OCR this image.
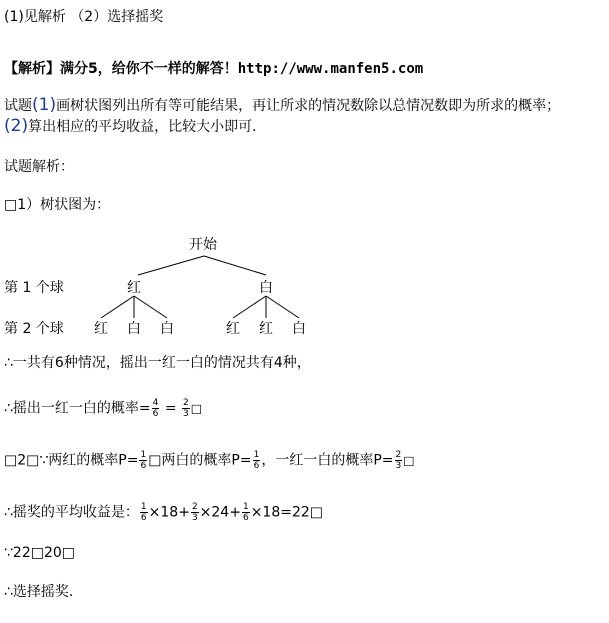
(1)见解析 （2）选择摇奖
【解析】满分5，给你不一样的解答！http://www.manfen5.com
试题(1)画树状图列出所有等可能结果，再让所求的情况数除以总情况数即为所求的概率；
(2)算出相应的平均收益，比较大小即可．
试题解析：
□1）树状图为：
开始
第 1 个球	红	白
第 2 个球 红 白 白	红 红 白
∴一共有6种情况，摇出一红一白的情况共有4种，
∴摇出一红一白的概率= $\frac{4}{6} = \frac{2}{3}$ □
□2□∵两红的概率$P= \frac{1}{6}$ □两白的概率$P= \frac{1}{6}$ ，一红一白的概率$P= \frac{2}{3}$ □
∴摇奖的平均收益是： $\frac{1}{6} \times 18+ \frac{2}{3} \times 24+ \frac{1}{6}$ ×18=22□
∵22□20□
∴选择摇奖．
